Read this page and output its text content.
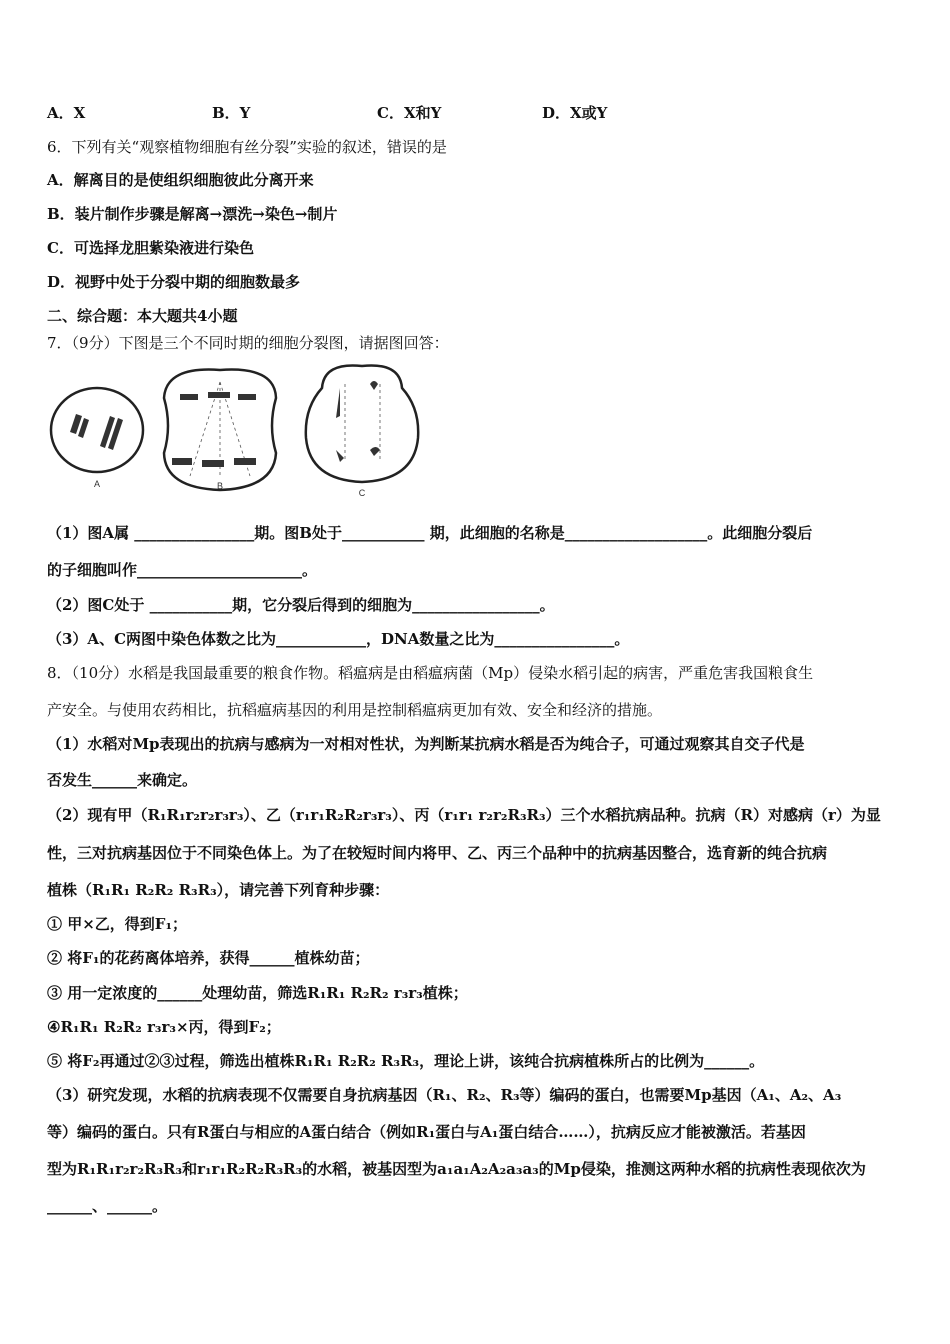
A．X	B．Y	C．X和Y	D．X或Y
6．下列有关“观察植物细胞有丝分裂”实验的叙述，错误的是
A．解离目的是使组织细胞彼此分离开来
B．装片制作步骤是解离→漂洗→染色→制片
C．可选择龙胆紫染液进行染色
D．视野中处于分裂中期的细胞数最多
二、综合题：本大题共4小题
7．（9分）下图是三个不同时期的细胞分裂图，请据图回答：
A	B
C
（1）图A属 ________________期。图B处于___________ 期，此细胞的名称是___________________。此细胞分裂后
的子细胞叫作______________________。
（2）图C处于 ___________期，它分裂后得到的细胞为_________________。
（3）A、C两图中染色体数之比为____________，DNA数量之比为________________。
8．（10分）水稻是我国最重要的粮食作物。稻瘟病是由稻瘟病菌（Mp）侵染水稻引起的病害，严重危害我国粮食生
产安全。与使用农药相比，抗稻瘟病基因的利用是控制稻瘟病更加有效、安全和经济的措施。
（1）水稻对Mp表现出的抗病与感病为一对相对性状，为判断某抗病水稻是否为纯合子，可通过观察其自交子代是
否发生______来确定。
（2）现有甲（R₁R₁r₂r₂r₃r₃）、乙（r₁r₁R₂R₂r₃r₃）、丙（r₁r₁ r₂r₂R₃R₃）三个水稻抗病品种。抗病（R）对感病（r）为显
性，三对抗病基因位于不同染色体上。为了在较短时间内将甲、乙、丙三个品种中的抗病基因整合，选育新的纯合抗病
植株（R₁R₁ R₂R₂ R₃R₃），请完善下列育种步骤：
① 甲×乙，得到F₁；
② 将F₁的花药离体培养，获得______植株幼苗；
③ 用一定浓度的______处理幼苗，筛选R₁R₁ R₂R₂ r₃r₃植株；
④R₁R₁ R₂R₂ r₃r₃×丙，得到F₂；
⑤ 将F₂再通过②③过程，筛选出植株R₁R₁ R₂R₂ R₃R₃，理论上讲，该纯合抗病植株所占的比例为______。
（3）研究发现，水稻的抗病表现不仅需要自身抗病基因（R₁、R₂、R₃等）编码的蛋白，也需要Mp基因（A₁、A₂、A₃
等）编码的蛋白。只有R蛋白与相应的A蛋白结合（例如R₁蛋白与A₁蛋白结合……），抗病反应才能被激活。若基因
型为R₁R₁r₂r₂R₃R₃和r₁r₁R₂R₂R₃R₃的水稻，被基因型为a₁a₁A₂A₂a₃a₃的Mp侵染，推测这两种水稻的抗病性表现依次为
______、______。
